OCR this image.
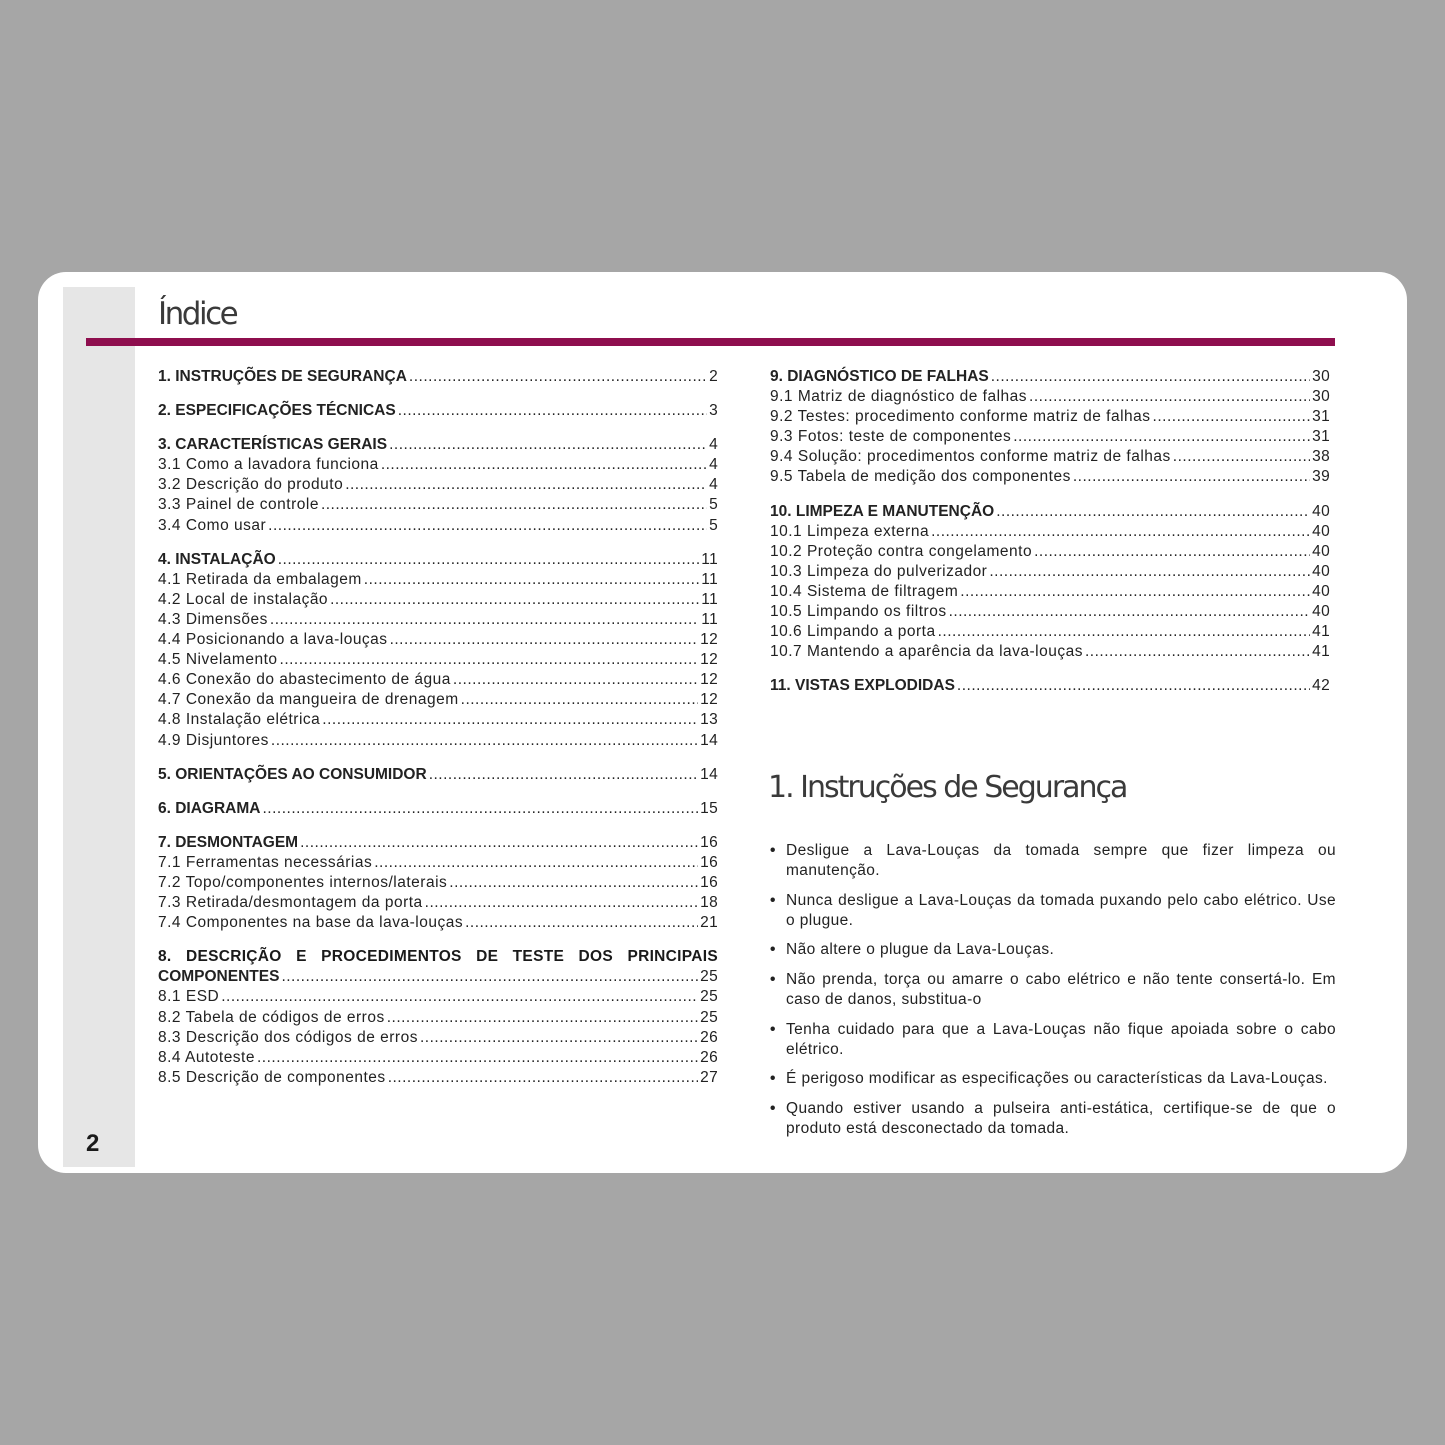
2
Índice
1. INSTRUÇÕES DE SEGURANÇA .....	2
2. ESPECIFICAÇÕES TÉCNICAS .....	3
3. CARACTERÍSTICAS GERAIS .....	4
3.1 Como a lavadora funciona .....	4
3.2 Descrição do produto .....	4
3.3 Painel de controle .....	5
3.4 Como usar .....	5
4. INSTALAÇÃO .....	11
4.1 Retirada da embalagem .....	11
4.2 Local de instalação .....	11
4.3 Dimensões .....	11
4.4 Posicionando a lava-louças .....	12
4.5 Nivelamento .....	12
4.6 Conexão do abastecimento de água .....	12
4.7 Conexão da mangueira de drenagem .....	12
4.8 Instalação elétrica .....	13
4.9 Disjuntores .....	14
5. ORIENTAÇÕES AO CONSUMIDOR .....	14
6. DIAGRAMA .....	15
7. DESMONTAGEM .....	16
7.1 Ferramentas necessárias .....	16
7.2 Topo/componentes internos/laterais .....	16
7.3 Retirada/desmontagem da porta .....	18
7.4 Componentes na base da lava-louças .....	21
8. DESCRIÇÃO E PROCEDIMENTOS DE TESTE DOS PRINCIPAIS
COMPONENTES .....	25
8.1 ESD .....	25
8.2 Tabela de códigos de erros .....	25
8.3 Descrição dos códigos de erros .....	26
8.4 Autoteste .....	26
8.5 Descrição de componentes .....	27
9. DIAGNÓSTICO DE FALHAS .....	30
9.1 Matriz de diagnóstico de falhas .....	30
9.2 Testes: procedimento conforme matriz de falhas .....	31
9.3 Fotos: teste de componentes .....	31
9.4 Solução: procedimentos conforme matriz de falhas .....	38
9.5 Tabela de medição dos componentes .....	39
10. LIMPEZA E MANUTENÇÃO .....	40
10.1 Limpeza externa .....	40
10.2 Proteção contra congelamento .....	40
10.3 Limpeza do pulverizador .....	40
10.4 Sistema de filtragem .....	40
10.5 Limpando os filtros .....	40
10.6 Limpando a porta .....	41
10.7 Mantendo a aparência da lava-louças .....	41
11. VISTAS EXPLODIDAS .....	42
1. Instruções de Segurança
• Desligue a Lava-Louças da tomada sempre que fizer limpeza ou manutenção.
• Nunca desligue a Lava-Louças da tomada puxando pelo cabo elétrico. Use o plugue.
• Não altere o plugue da Lava-Louças.
• Não prenda, torça ou amarre o cabo elétrico e não tente consertá-lo. Em caso de danos, substitua-o
• Tenha cuidado para que a Lava-Louças não fique apoiada sobre o cabo elétrico.
• É perigoso modificar as especificações ou características da Lava-Louças.
• Quando estiver usando a pulseira anti-estática, certifique-se de que o produto está desconectado da tomada.
